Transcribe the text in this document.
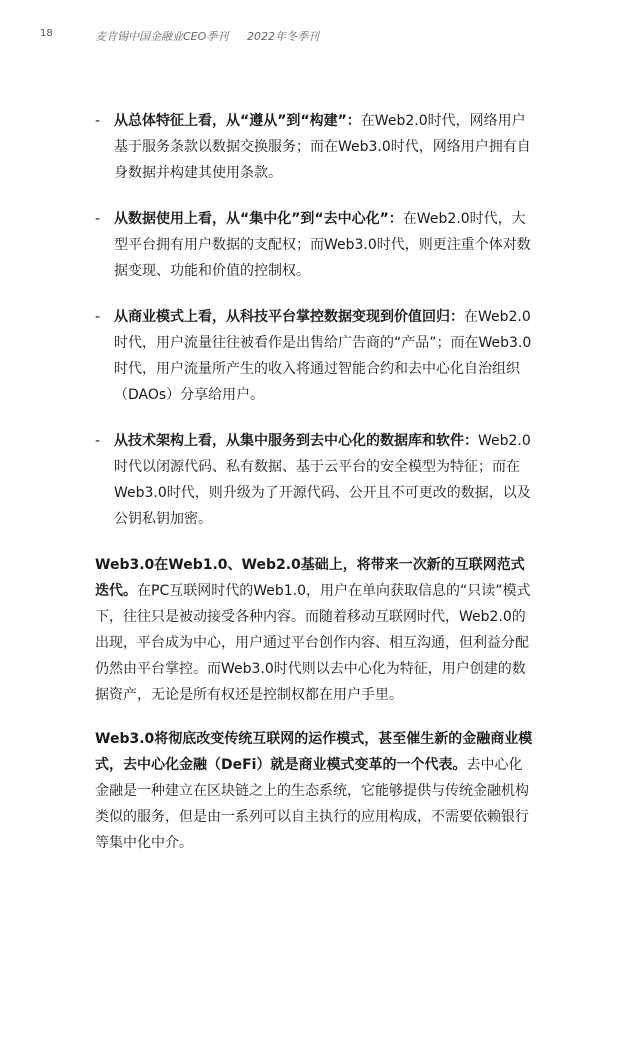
18	麦肯锡中国金融业CEO季刊 2022年冬季刊
- 从总体特征上看，从“遵从”到“构建”：在Web2.0时代，网络用户基于服务条款以数据交换服务；而在Web3.0时代，网络用户拥有自身数据并构建其使用条款。
- 从数据使用上看，从“集中化”到“去中心化”：在Web2.0时代，大型平台拥有用户数据的支配权；而Web3.0时代，则更注重个体对数据变现、功能和价值的控制权。
- 从商业模式上看，从科技平台掌控数据变现到价值回归：在Web2.0时代，用户流量往往被看作是出售给广告商的“产品”；而在Web3.0时代，用户流量所产生的收入将通过智能合约和去中心化自治组织（DAOs）分享给用户。
- 从技术架构上看，从集中服务到去中心化的数据库和软件：Web2.0时代以闭源代码、私有数据、基于云平台的安全模型为特征；而在Web3.0时代，则升级为了开源代码、公开且不可更改的数据，以及公钥私钥加密。

Web3.0在Web1.0、Web2.0基础上，将带来一次新的互联网范式迭代。在PC互联网时代的Web1.0，用户在单向获取信息的“只读”模式下，往往只是被动接受各种内容。而随着移动互联网时代，Web2.0的出现，平台成为中心，用户通过平台创作内容、相互沟通，但利益分配仍然由平台掌控。而Web3.0时代则以去中心化为特征，用户创建的数据资产，无论是所有权还是控制权都在用户手里。

Web3.0将彻底改变传统互联网的运作模式，甚至催生新的金融商业模式，去中心化金融（DeFi）就是商业模式变革的一个代表。去中心化金融是一种建立在区块链之上的生态系统，它能够提供与传统金融机构类似的服务，但是由一系列可以自主执行的应用构成，不需要依赖银行等集中化中介。
